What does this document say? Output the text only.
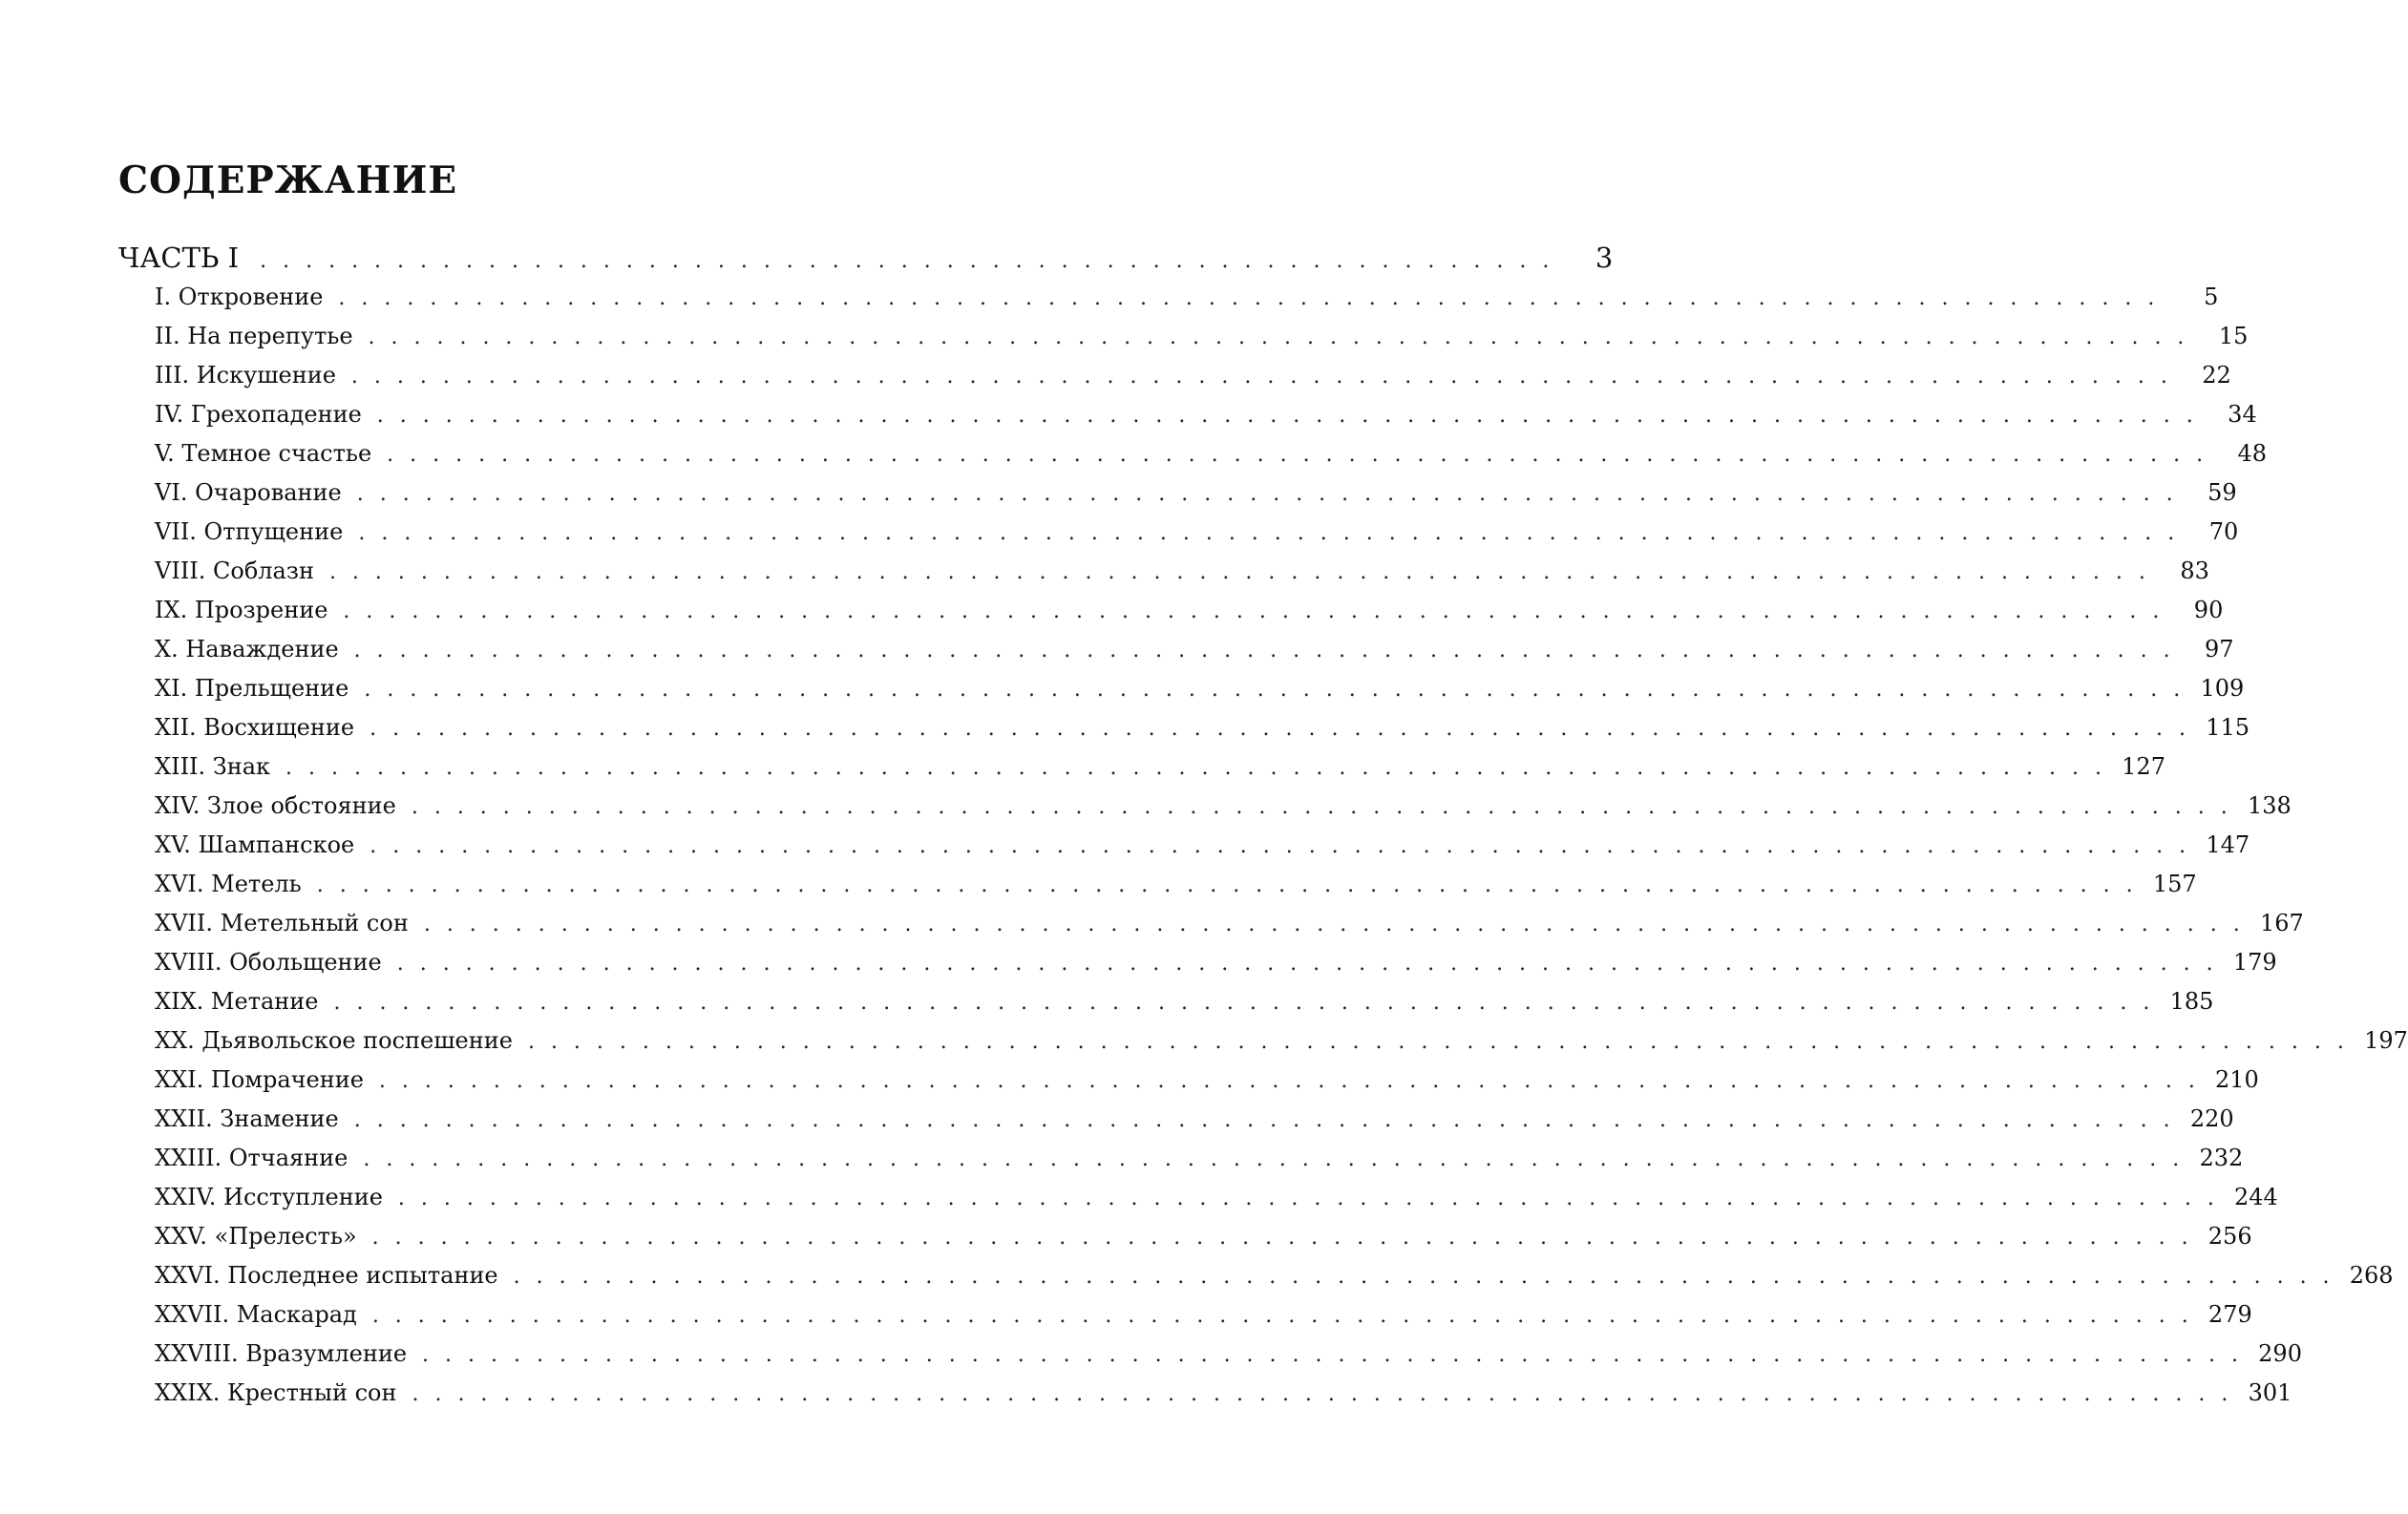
СОДЕРЖАНИЕ
ЧАСТЬ I . . . . . . . . . . . . . . . . . . . . . . . . . . . . . . . . . . . . . . . . . . . . . . . . . . . . . . . . .	3
I. Откровение . . . . . . . . . . . . . . . . . . . . . . . . . . . . . . . . . . . . . . . . . . . . . . . . . . . . . . . . . . . . . . . . . . . . . . . . . . . . . . . .	5
II. На перепутье . . . . . . . . . . . . . . . . . . . . . . . . . . . . . . . . . . . . . . . . . . . . . . . . . . . . . . . . . . . . . . . . . . . . . . . . . . . . . . . .	15
III. Искушение . . . . . . . . . . . . . . . . . . . . . . . . . . . . . . . . . . . . . . . . . . . . . . . . . . . . . . . . . . . . . . . . . . . . . . . . . . . . . . . .	22
IV. Грехопадение . . . . . . . . . . . . . . . . . . . . . . . . . . . . . . . . . . . . . . . . . . . . . . . . . . . . . . . . . . . . . . . . . . . . . . . . . . . . . . . .	34
V. Темное счастье . . . . . . . . . . . . . . . . . . . . . . . . . . . . . . . . . . . . . . . . . . . . . . . . . . . . . . . . . . . . . . . . . . . . . . . . . . . . . . . .	48
VI. Очарование . . . . . . . . . . . . . . . . . . . . . . . . . . . . . . . . . . . . . . . . . . . . . . . . . . . . . . . . . . . . . . . . . . . . . . . . . . . . . . . .	59
VII. Отпущение . . . . . . . . . . . . . . . . . . . . . . . . . . . . . . . . . . . . . . . . . . . . . . . . . . . . . . . . . . . . . . . . . . . . . . . . . . . . . . . .	70
VIII. Соблазн . . . . . . . . . . . . . . . . . . . . . . . . . . . . . . . . . . . . . . . . . . . . . . . . . . . . . . . . . . . . . . . . . . . . . . . . . . . . . . . .	83
IX. Прозрение . . . . . . . . . . . . . . . . . . . . . . . . . . . . . . . . . . . . . . . . . . . . . . . . . . . . . . . . . . . . . . . . . . . . . . . . . . . . . . . .	90
X. Наваждение . . . . . . . . . . . . . . . . . . . . . . . . . . . . . . . . . . . . . . . . . . . . . . . . . . . . . . . . . . . . . . . . . . . . . . . . . . . . . . . .	97
XI. Прельщение . . . . . . . . . . . . . . . . . . . . . . . . . . . . . . . . . . . . . . . . . . . . . . . . . . . . . . . . . . . . . . . . . . . . . . . . . . . . . . . . 109
XII. Восхищение . . . . . . . . . . . . . . . . . . . . . . . . . . . . . . . . . . . . . . . . . . . . . . . . . . . . . . . . . . . . . . . . . . . . . . . . . . . . . . . . 115
XIII. Знак . . . . . . . . . . . . . . . . . . . . . . . . . . . . . . . . . . . . . . . . . . . . . . . . . . . . . . . . . . . . . . . . . . . . . . . . . . . . . . . . 127
XIV. Злое обстояние . . . . . . . . . . . . . . . . . . . . . . . . . . . . . . . . . . . . . . . . . . . . . . . . . . . . . . . . . . . . . . . . . . . . . . . . . . . . . . . . 138
XV. Шампанское . . . . . . . . . . . . . . . . . . . . . . . . . . . . . . . . . . . . . . . . . . . . . . . . . . . . . . . . . . . . . . . . . . . . . . . . . . . . . . . . 147
XVI. Метель . . . . . . . . . . . . . . . . . . . . . . . . . . . . . . . . . . . . . . . . . . . . . . . . . . . . . . . . . . . . . . . . . . . . . . . . . . . . . . . . 157
XVII. Метельный сон . . . . . . . . . . . . . . . . . . . . . . . . . . . . . . . . . . . . . . . . . . . . . . . . . . . . . . . . . . . . . . . . . . . . . . . . . . . . . . . . 167
XVIII. Обольщение . . . . . . . . . . . . . . . . . . . . . . . . . . . . . . . . . . . . . . . . . . . . . . . . . . . . . . . . . . . . . . . . . . . . . . . . . . . . . . . . 179
XIX. Метание . . . . . . . . . . . . . . . . . . . . . . . . . . . . . . . . . . . . . . . . . . . . . . . . . . . . . . . . . . . . . . . . . . . . . . . . . . . . . . . . 185
XX. Дьявольское поспешение . . . . . . . . . . . . . . . . . . . . . . . . . . . . . . . . . . . . . . . . . . . . . . . . . . . . . . . . . . . . . . . . . . . . . . . . . . . . . . . . 197
XXI. Помрачение . . . . . . . . . . . . . . . . . . . . . . . . . . . . . . . . . . . . . . . . . . . . . . . . . . . . . . . . . . . . . . . . . . . . . . . . . . . . . . . . 210
XXII. Знамение . . . . . . . . . . . . . . . . . . . . . . . . . . . . . . . . . . . . . . . . . . . . . . . . . . . . . . . . . . . . . . . . . . . . . . . . . . . . . . . . 220
XXIII. Отчаяние . . . . . . . . . . . . . . . . . . . . . . . . . . . . . . . . . . . . . . . . . . . . . . . . . . . . . . . . . . . . . . . . . . . . . . . . . . . . . . . . 232
XXIV. Исступление . . . . . . . . . . . . . . . . . . . . . . . . . . . . . . . . . . . . . . . . . . . . . . . . . . . . . . . . . . . . . . . . . . . . . . . . . . . . . . . . 244
XXV. «Прелесть» . . . . . . . . . . . . . . . . . . . . . . . . . . . . . . . . . . . . . . . . . . . . . . . . . . . . . . . . . . . . . . . . . . . . . . . . . . . . . . . . 256
XXVI. Последнее испытание . . . . . . . . . . . . . . . . . . . . . . . . . . . . . . . . . . . . . . . . . . . . . . . . . . . . . . . . . . . . . . . . . . . . . . . . . . . . . . . . 268
XXVII. Маскарад . . . . . . . . . . . . . . . . . . . . . . . . . . . . . . . . . . . . . . . . . . . . . . . . . . . . . . . . . . . . . . . . . . . . . . . . . . . . . . . . 279
XXVIII. Вразумление . . . . . . . . . . . . . . . . . . . . . . . . . . . . . . . . . . . . . . . . . . . . . . . . . . . . . . . . . . . . . . . . . . . . . . . . . . . . . . . . 290
XXIX. Крестный сон . . . . . . . . . . . . . . . . . . . . . . . . . . . . . . . . . . . . . . . . . . . . . . . . . . . . . . . . . . . . . . . . . . . . . . . . . . . . . . . . 301
